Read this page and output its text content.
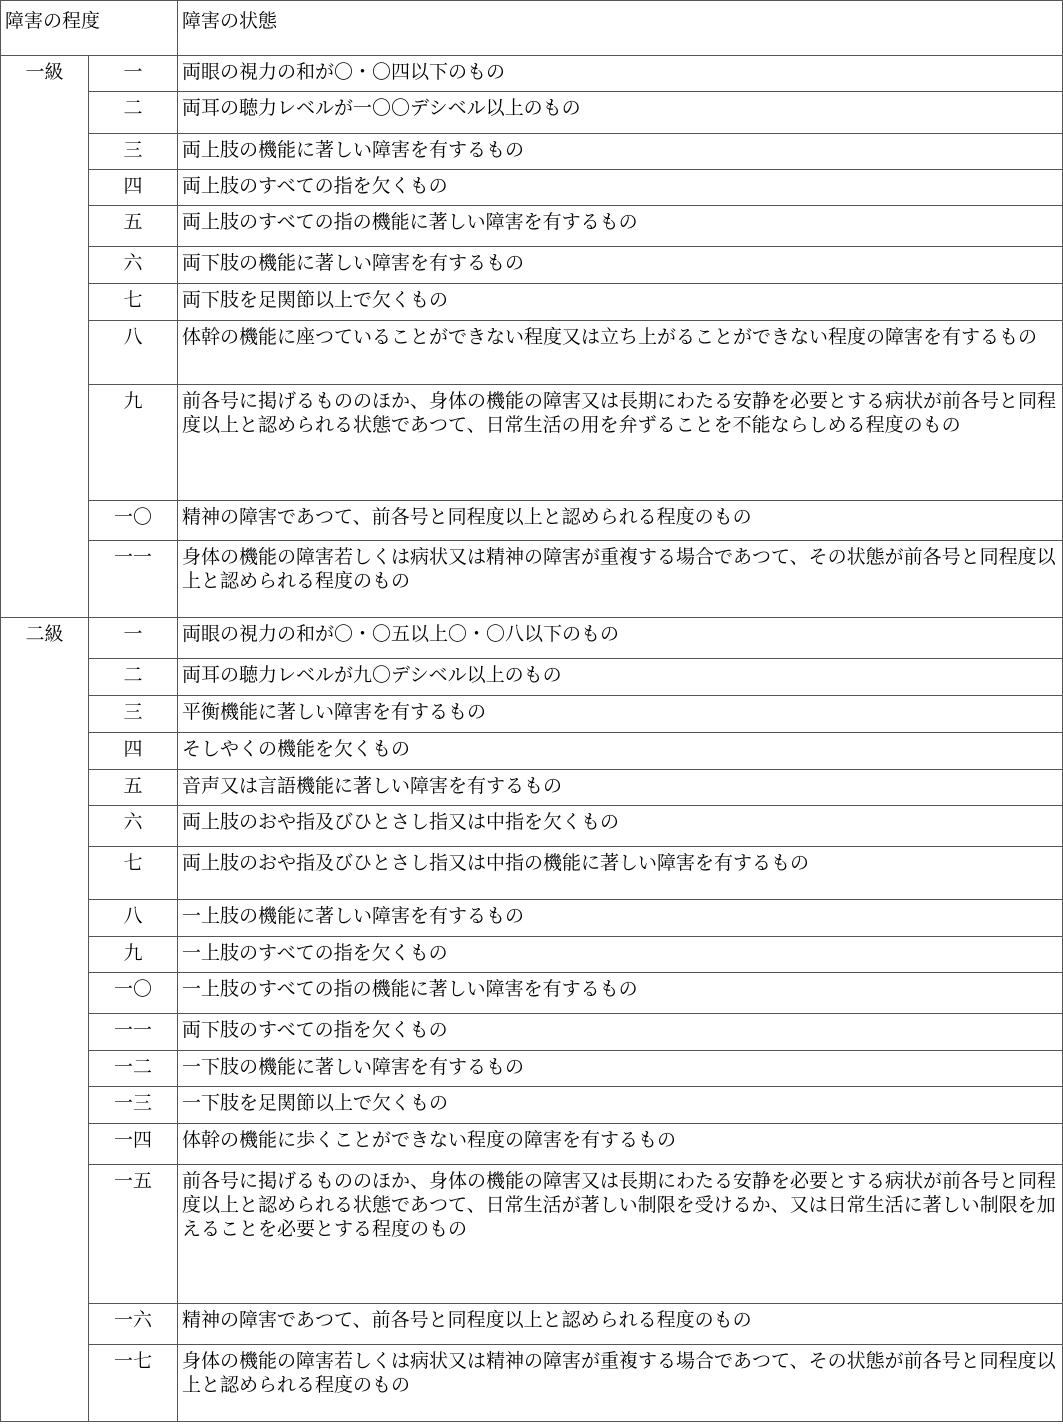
障害の程度		障害の状態
一級	一	両眼の視力の和が〇・〇四以下のもの
	二	両耳の聴力レベルが一〇〇デシベル以上のもの
	三	両上肢の機能に著しい障害を有するもの
	四	両上肢のすべての指を欠くもの
	五	両上肢のすべての指の機能に著しい障害を有するもの
	六	両下肢の機能に著しい障害を有するもの
	七	両下肢を足関節以上で欠くもの
	八	体幹の機能に座つていることができない程度又は立ち上がることができない程度の障害を有するもの
	九	前各号に掲げるもののほか、身体の機能の障害又は長期にわたる安静を必要とする病状が前各号と同程度以上と認められる状態であつて、日常生活の用を弁ずることを不能ならしめる程度のもの
	一〇	精神の障害であつて、前各号と同程度以上と認められる程度のもの
	一一	身体の機能の障害若しくは病状又は精神の障害が重複する場合であつて、その状態が前各号と同程度以上と認められる程度のもの
二級	一	両眼の視力の和が〇・〇五以上〇・〇八以下のもの
	二	両耳の聴力レベルが九〇デシベル以上のもの
	三	平衡機能に著しい障害を有するもの
	四	そしやくの機能を欠くもの
	五	音声又は言語機能に著しい障害を有するもの
	六	両上肢のおや指及びひとさし指又は中指を欠くもの
	七	両上肢のおや指及びひとさし指又は中指の機能に著しい障害を有するもの
	八	一上肢の機能に著しい障害を有するもの
	九	一上肢のすべての指を欠くもの
	一〇	一上肢のすべての指の機能に著しい障害を有するもの
	一一	両下肢のすべての指を欠くもの
	一二	一下肢の機能に著しい障害を有するもの
	一三	一下肢を足関節以上で欠くもの
	一四	体幹の機能に歩くことができない程度の障害を有するもの
	一五	前各号に掲げるもののほか、身体の機能の障害又は長期にわたる安静を必要とする病状が前各号と同程度以上と認められる状態であつて、日常生活が著しい制限を受けるか、又は日常生活に著しい制限を加えることを必要とする程度のもの
	一六	精神の障害であつて、前各号と同程度以上と認められる程度のもの
	一七	身体の機能の障害若しくは病状又は精神の障害が重複する場合であつて、その状態が前各号と同程度以上と認められる程度のもの
